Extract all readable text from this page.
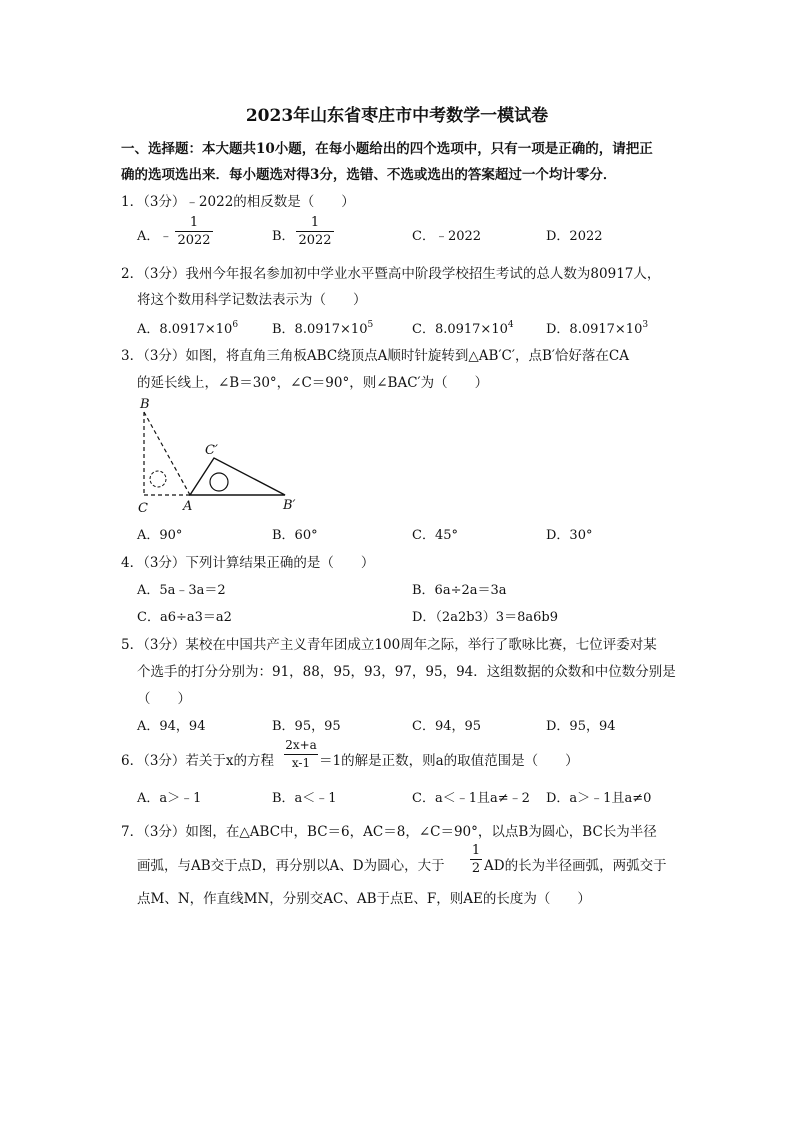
2023年山东省枣庄市中考数学一模试卷
一、选择题：本大题共10小题，在每小题给出的四个选项中，只有一项是正确的，请把正
确的选项选出来．每小题选对得3分，选错、不选或选出的答案超过一个均计零分．
1．（3分）﹣2022的相反数是（　　）
A．﹣
1
2022	B．
1
2022	C．﹣2022	D．2022
2．（3分）我州今年报名参加初中学业水平暨高中阶段学校招生考试的总人数为80917人，
将这个数用科学记数法表示为（　　）
A．$8.0917\times 10^6$	B．$8.0917\times 10^5$	C．$8.0917\times 10^4$ D．$8.0917\times 10^3$
3．（3分）如图，将直角三角板ABC绕顶点A顺时针旋转到△AB′C′，点B′恰好落在CA
的延长线上，∠B＝30°，∠C＝90°，则∠BAC′为（　　）
B
C	A
C′
B′
A．90°	B．60°	C．45°	D．30°
4．（3分）下列计算结果正确的是（　　）
A．5a﹣3a＝2	B．6a÷2a＝3a
C．a6÷a3＝a2	D．（2a2b3）3＝8a6b9
5．（3分）某校在中国共产主义青年团成立100周年之际，举行了歌咏比赛，七位评委对某
个选手的打分分别为：91，88，95，93，97，95，94．这组数据的众数和中位数分别是
（　　）
A．94，94	B．95，95	C．94，95	D．95，94
6．（3分）若关于x的方程
2x+a
x-1 ＝1的解是正数，则a的取值范围是（　　）
A．a＞﹣1	B．a＜﹣1	C．a＜﹣1且a≠﹣2 D．a＞﹣1且a≠0
7．（3分）如图，在△ABC中，BC＝6，AC＝8，∠C＝90°，以点B为圆心，BC长为半径
画弧，与AB交于点D，再分别以A、D为圆心，大于
1
2 AD的长为半径画弧，两弧交于
点M、N，作直线MN，分别交AC、AB于点E、F，则AE的长度为（　　）
